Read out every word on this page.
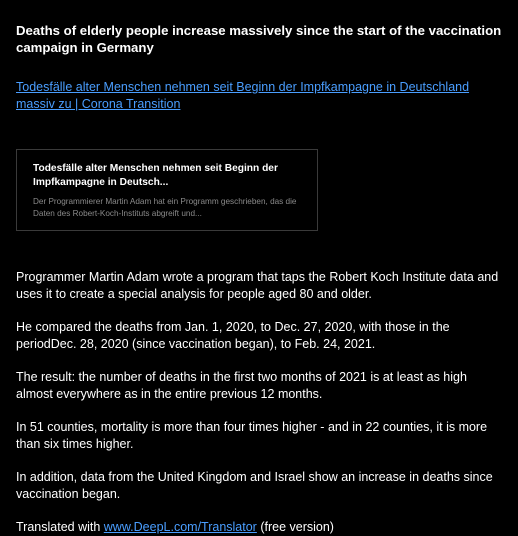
Deaths of elderly people increase massively since the start of the vaccination campaign in Germany

Todesfälle alter Menschen nehmen seit Beginn der Impfkampagne in Deutschland massiv zu | Corona Transition

Todesfälle alter Menschen nehmen seit Beginn der Impfkampagne in Deutsch...

Der Programmierer Martin Adam hat ein Programm geschrieben, das die Daten des Robert-Koch-Instituts abgreift und...

Programmer Martin Adam wrote a program that taps the Robert Koch Institute data and uses it to create a special analysis for people aged 80 and older.

He compared the deaths from Jan. 1, 2020, to Dec. 27, 2020, with those in the periodDec. 28, 2020 (since vaccination began), to Feb. 24, 2021.

The result: the number of deaths in the first two months of 2021 is at least as high almost everywhere as in the entire previous 12 months.

In 51 counties, mortality is more than four times higher - and in 22 counties, it is more than six times higher.

In addition, data from the United Kingdom and Israel show an increase in deaths since vaccination began.

Translated with www.DeepL.com/Translator (free version)
